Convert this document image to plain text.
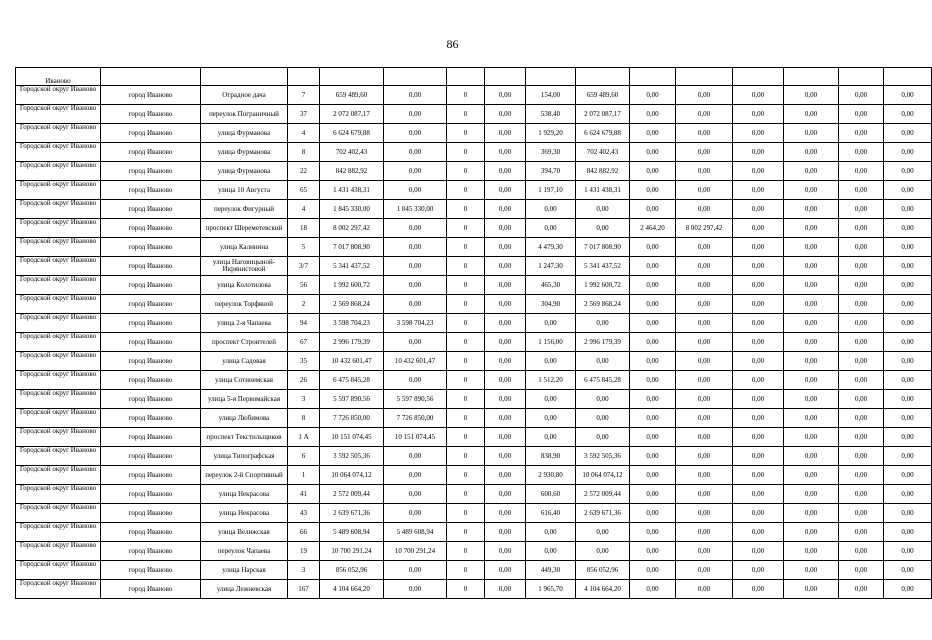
86
Иваново															
Городской округ Иваново	город Иваново	Отрадное дача	7	659 489,60	0,00	0	0,00	154,00	659 489,60	0,00	0,00	0,00	0,00	0,00	0,00
Городской округ Иваново	город Иваново	переулок Пограничный	37	2 072 087,17	0,00	0	0,00	538,40	2 072 087,17	0,00	0,00	0,00	0,00	0,00	0,00
Городской округ Иваново	город Иваново	улица Фурманова	4	6 624 679,88	0,00	0	0,00	1 929,20	6 624 679,88	0,00	0,00	0,00	0,00	0,00	0,00
Городской округ Иваново	город Иваново	улица Фурманова	8	702 402,43	0,00	0	0,00	369,30	702 402,43	0,00	0,00	0,00	0,00	0,00	0,00
Городской округ Иваново	город Иваново	улица Фурманова	22	842 882,92	0,00	0	0,00	394,70	842 882,92	0,00	0,00	0,00	0,00	0,00	0,00
Городской округ Иваново	город Иваново	улица 10 Августа	65	1 431 438,31	0,00	0	0,00	1 197,10	1 431 438,31	0,00	0,00	0,00	0,00	0,00	0,00
Городской округ Иваново	город Иваново	переулок Фигурный	4	1 845 330,00	1 845 330,00	0	0,00	0,00	0,00	0,00	0,00	0,00	0,00	0,00	0,00
Городской округ Иваново	город Иваново	проспект Шереметевский	18	8 002 297,42	0,00	0	0,00	0,00	0,00	2 464,20	8 002 297,42	0,00	0,00	0,00	0,00
Городской округ Иваново	город Иваново	улица Калинина	5	7 017 808,90	0,00	0	0,00	4 479,30	7 017 808,90	0,00	0,00	0,00	0,00	0,00	0,00
Городской округ Иваново	город Иваново	улица Наговицыной-Икрянистовой	3/7	5 341 437,52	0,00	0	0,00	1 247,30	5 341 437,52	0,00	0,00	0,00	0,00	0,00	0,00
Городской округ Иваново	город Иваново	улица Колотилова	56	1 992 600,72	0,00	0	0,00	465,30	1 992 600,72	0,00	0,00	0,00	0,00	0,00	0,00
Городской округ Иваново	город Иваново	переулок Торфяной	2	2 569 868,24	0,00	0	0,00	304,90	2 569 868,24	0,00	0,00	0,00	0,00	0,00	0,00
Городской округ Иваново	город Иваново	улица 2-я Чапаева	94	3 598 704,23	3 598 704,23	0	0,00	0,00	0,00	0,00	0,00	0,00	0,00	0,00	0,00
Городской округ Иваново	город Иваново	проспект Строителей	67	2 996 179,39	0,00	0	0,00	1 156,00	2 996 179,39	0,00	0,00	0,00	0,00	0,00	0,00
Городской округ Иваново	город Иваново	улица Садовая	35	10 432 601,47	10 432 601,47	0	0,00	0,00	0,00	0,00	0,00	0,00	0,00	0,00	0,00
Городской округ Иваново	город Иваново	улица Сотинемская	26	6 475 845,28	0,00	0	0,00	1 512,20	6 475 845,28	0,00	0,00	0,00	0,00	0,00	0,00
Городской округ Иваново	город Иваново	улица 5-я Первомайская	3	5 597 890,56	5 597 890,56	0	0,00	0,00	0,00	0,00	0,00	0,00	0,00	0,00	0,00
Городской округ Иваново	город Иваново	улица Любимова	8	7 726 850,00	7 726 850,00	0	0,00	0,00	0,00	0,00	0,00	0,00	0,00	0,00	0,00
Городской округ Иваново	город Иваново	проспект Текстильщиков	1 А	10 151 074,45	10 151 074,45	0	0,00	0,00	0,00	0,00	0,00	0,00	0,00	0,00	0,00
Городской округ Иваново	город Иваново	улица Типографская	6	3 592 505,36	0,00	0	0,00	838,90	3 592 505,36	0,00	0,00	0,00	0,00	0,00	0,00
Городской округ Иваново	город Иваново	переулок 2-й Спортивный	1	10 064 074,12	0,00	0	0,00	2 930,80	10 064 074,12	0,00	0,00	0,00	0,00	0,00	0,00
Городской округ Иваново	город Иваново	улица Некрасова	41	2 572 009,44	0,00	0	0,00	600,60	2 572 009,44	0,00	0,00	0,00	0,00	0,00	0,00
Городской округ Иваново	город Иваново	улица Некрасова	43	2 639 671,36	0,00	0	0,00	616,40	2 639 671,36	0,00	0,00	0,00	0,00	0,00	0,00
Городской округ Иваново	город Иваново	улица Велижская	66	5 489 608,94	5 489 608,94	0	0,00	0,00	0,00	0,00	0,00	0,00	0,00	0,00	0,00
Городской округ Иваново	город Иваново	переулок Чапаева	19	10 700 291,24	10 700 291,24	0	0,00	0,00	0,00	0,00	0,00	0,00	0,00	0,00	0,00
Городской округ Иваново	город Иваново	улица Нарская	3	856 052,96	0,00	0	0,00	449,30	856 052,96	0,00	0,00	0,00	0,00	0,00	0,00
Городской округ Иваново	город Иваново	улица Лежневская	167	4 104 664,20	0,00	0	0,00	1 965,70	4 104 664,20	0,00	0,00	0,00	0,00	0,00	0,00
